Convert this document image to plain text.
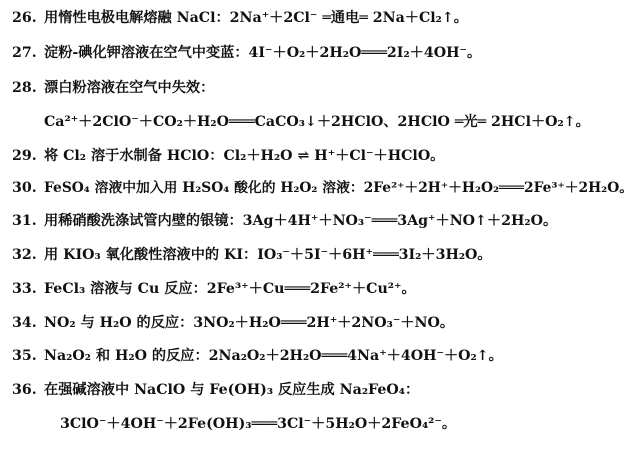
26. 用惰性电极电解熔融 NaCl：2Na⁺＋2Cl⁻ ═通电═ 2Na＋Cl₂↑。
27. 淀粉-碘化钾溶液在空气中变蓝：4I⁻＋O₂＋2H₂O═══2I₂＋4OH⁻。
28. 漂白粉溶液在空气中失效：
Ca²⁺＋2ClO⁻＋CO₂＋H₂O═══CaCO₃↓＋2HClO、2HClO ═光═ 2HCl＋O₂↑。
29. 将 Cl₂ 溶于水制备 HClO：Cl₂＋H₂O ⇌ H⁺＋Cl⁻＋HClO。
30. FeSO₄ 溶液中加入用 H₂SO₄ 酸化的 H₂O₂ 溶液：2Fe²⁺＋2H⁺＋H₂O₂═══2Fe³⁺＋2H₂O。
31. 用稀硝酸洗涤试管内壁的银镜：3Ag＋4H⁺＋NO₃⁻═══3Ag⁺＋NO↑＋2H₂O。
32. 用 KIO₃ 氧化酸性溶液中的 KI：IO₃⁻＋5I⁻＋6H⁺═══3I₂＋3H₂O。
33. FeCl₃ 溶液与 Cu 反应：2Fe³⁺＋Cu═══2Fe²⁺＋Cu²⁺。
34. NO₂ 与 H₂O 的反应：3NO₂＋H₂O═══2H⁺＋2NO₃⁻＋NO。
35. Na₂O₂ 和 H₂O 的反应：2Na₂O₂＋2H₂O═══4Na⁺＋4OH⁻＋O₂↑。
36. 在强碱溶液中 NaClO 与 Fe(OH)₃ 反应生成 Na₂FeO₄：
3ClO⁻＋4OH⁻＋2Fe(OH)₃═══3Cl⁻＋5H₂O＋2FeO₄²⁻。
